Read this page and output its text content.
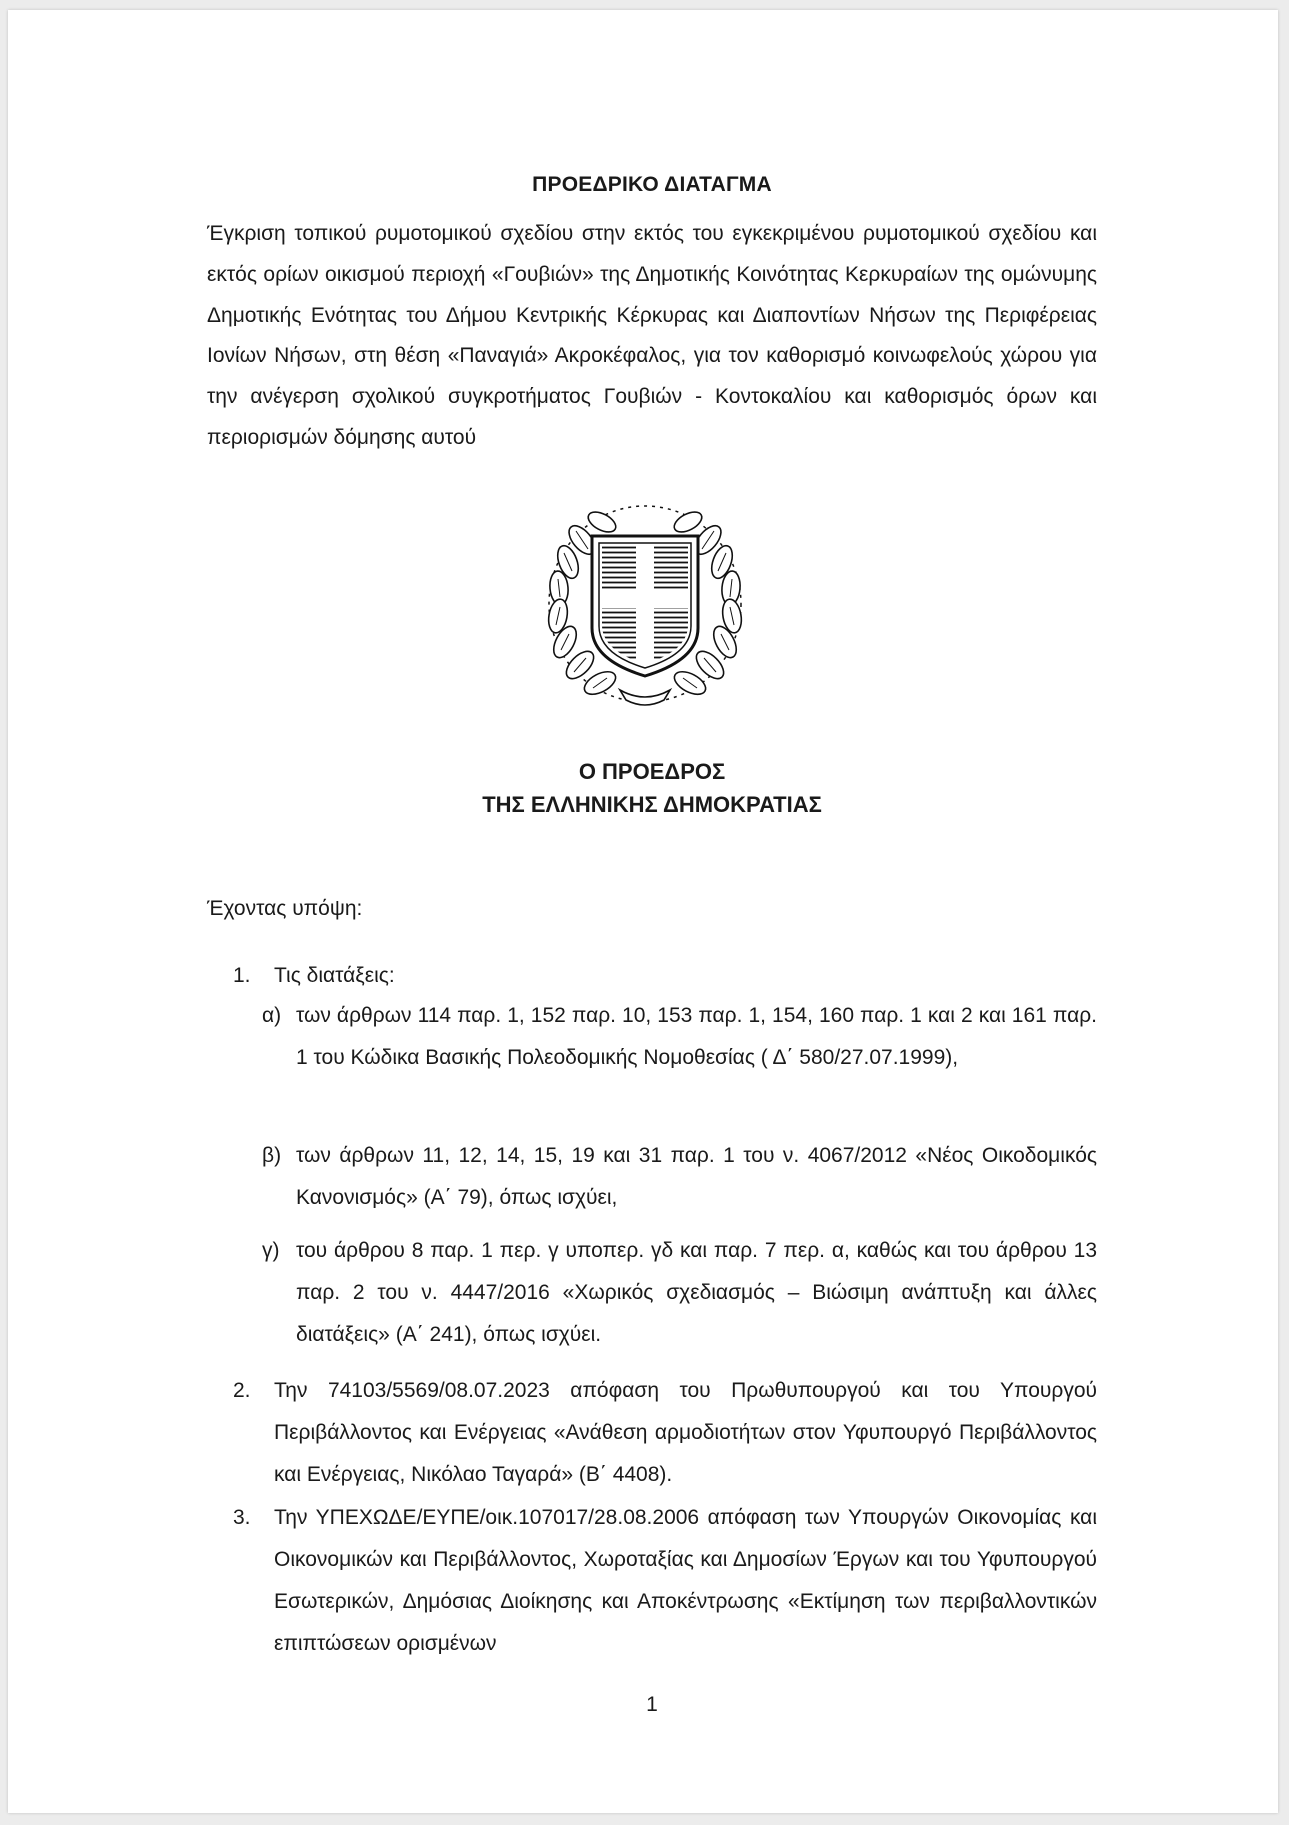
ΠΡΟΕΔΡΙΚΟ ΔΙΑΤΑΓΜΑ
Έγκριση τοπικού ρυμοτομικού σχεδίου στην εκτός του εγκεκριμένου ρυμοτομικού σχεδίου και εκτός ορίων οικισμού περιοχή «Γουβιών» της Δημοτικής Κοινότητας Κερκυραίων της ομώνυμης Δημοτικής Ενότητας του Δήμου Κεντρικής Κέρκυρας και Διαποντίων Νήσων της Περιφέρειας Ιονίων Νήσων, στη θέση «Παναγιά» Ακροκέφαλος, για τον καθορισμό κοινωφελούς χώρου για την ανέγερση σχολικού συγκροτήματος Γουβιών - Κοντοκαλίου και καθορισμός όρων και περιορισμών δόμησης αυτού
Ο ΠΡΟΕΔΡΟΣ
ΤΗΣ ΕΛΛΗΝΙΚΗΣ ΔΗΜΟΚΡΑΤΙΑΣ
Έχοντας υπόψη:
1. Τις διατάξεις:
α) των άρθρων 114 παρ. 1, 152 παρ. 10, 153 παρ. 1, 154, 160 παρ. 1 και 2 και 161 παρ. 1 του Κώδικα Βασικής Πολεοδομικής Νομοθεσίας ( Δ΄ 580/27.07.1999),
β) των άρθρων 11, 12, 14, 15, 19 και 31 παρ. 1 του ν. 4067/2012 «Νέος Οικοδομικός Κανονισμός» (Α΄ 79), όπως ισχύει,
γ) του άρθρου 8 παρ. 1 περ. γ υποπερ. γδ και παρ. 7 περ. α, καθώς και του άρθρου 13 παρ. 2 του ν. 4447/2016 «Χωρικός σχεδιασμός – Βιώσιμη ανάπτυξη και άλλες διατάξεις» (Α΄ 241), όπως ισχύει.
2. Την 74103/5569/08.07.2023 απόφαση του Πρωθυπουργού και του Υπουργού Περιβάλλοντος και Ενέργειας «Ανάθεση αρμοδιοτήτων στον Υφυπουργό Περιβάλλοντος και Ενέργειας, Νικόλαο Ταγαρά» (Β΄ 4408).
3. Την ΥΠΕΧΩΔΕ/ΕΥΠΕ/οικ.107017/28.08.2006 απόφαση των Υπουργών Οικονομίας και Οικονομικών και Περιβάλλοντος, Χωροταξίας και Δημοσίων Έργων και του Υφυπουργού Εσωτερικών, Δημόσιας Διοίκησης και Αποκέντρωσης «Εκτίμηση των περιβαλλοντικών επιπτώσεων ορισμένων
1
